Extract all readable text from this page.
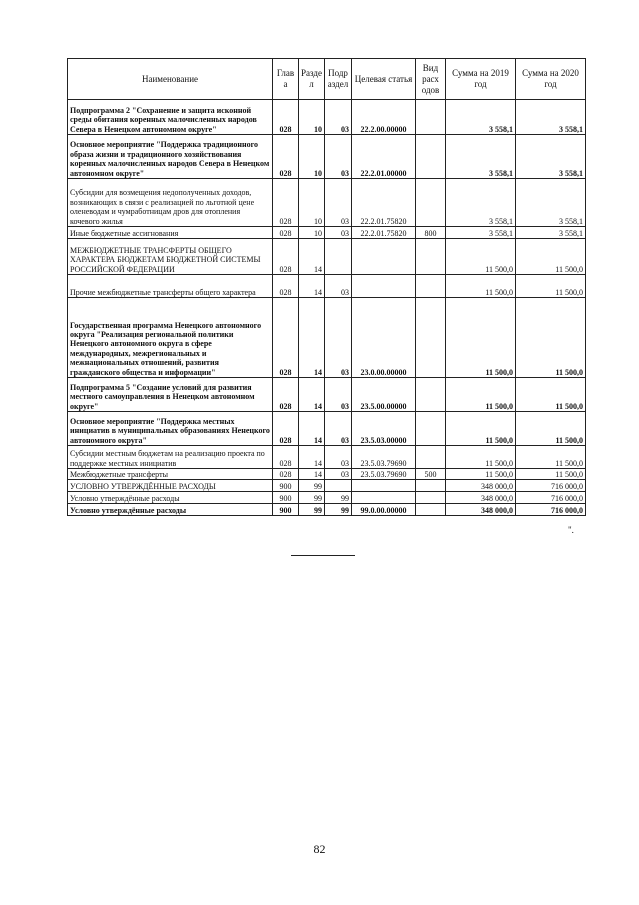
Наименование	Глав а	Разде л	Подр аздел	Целевая статья	Вид расх одов	Сумма на 2019 год	Сумма на 2020 год
Подпрограмма 2 "Сохранение и защита исконной среды обитания коренных малочисленных народов Севера в Ненецком автономном округе"	028	10	03	22.2.00.00000		3 558,1	3 558,1
Основное мероприятие "Поддержка традиционного образа жизни и традиционного хозяйствования коренных малочисленных народов Севера в Ненецком автономном округе"	028	10	03	22.2.01.00000		3 558,1	3 558,1
Субсидии для возмещения недополученных доходов, возникающих в связи с реализацией по льготной цене оленеводам и чумработницам дров для отопления кочевого жилья	028	10	03	22.2.01.75820		3 558,1	3 558,1
Иные бюджетные ассигнования	028	10	03	22.2.01.75820	800	3 558,1	3 558,1
МЕЖБЮДЖЕТНЫЕ ТРАНСФЕРТЫ ОБЩЕГО ХАРАКТЕРА БЮДЖЕТАМ БЮДЖЕТНОЙ СИСТЕМЫ РОССИЙСКОЙ ФЕДЕРАЦИИ	028	14				11 500,0	11 500,0
Прочие межбюджетные трансферты общего характера	028	14	03			11 500,0	11 500,0
Государственная программа Ненецкого автономного округа "Реализация региональной политики Ненецкого автономного округа в сфере международных, межрегиональных и межнациональных отношений, развития гражданского общества и информации"	028	14	03	23.0.00.00000		11 500,0	11 500,0
Подпрограмма 5 "Создание условий для развития местного самоуправления в Ненецком автономном округе"	028	14	03	23.5.00.00000		11 500,0	11 500,0
Основное мероприятие "Поддержка местных инициатив в муниципальных образованиях Ненецкого автономного округа"	028	14	03	23.5.03.00000		11 500,0	11 500,0
Субсидии местным бюджетам на реализацию проекта по поддержке местных инициатив	028	14	03	23.5.03.79690		11 500,0	11 500,0
Межбюджетные трансферты	028	14	03	23.5.03.79690	500	11 500,0	11 500,0
УСЛОВНО УТВЕРЖДЁННЫЕ РАСХОДЫ	900	99				348 000,0	716 000,0
Условно утверждённые расходы	900	99	99			348 000,0	716 000,0
Условно утверждённые расходы	900	99	99	99.0.00.00000		348 000,0	716 000,0
".
82
